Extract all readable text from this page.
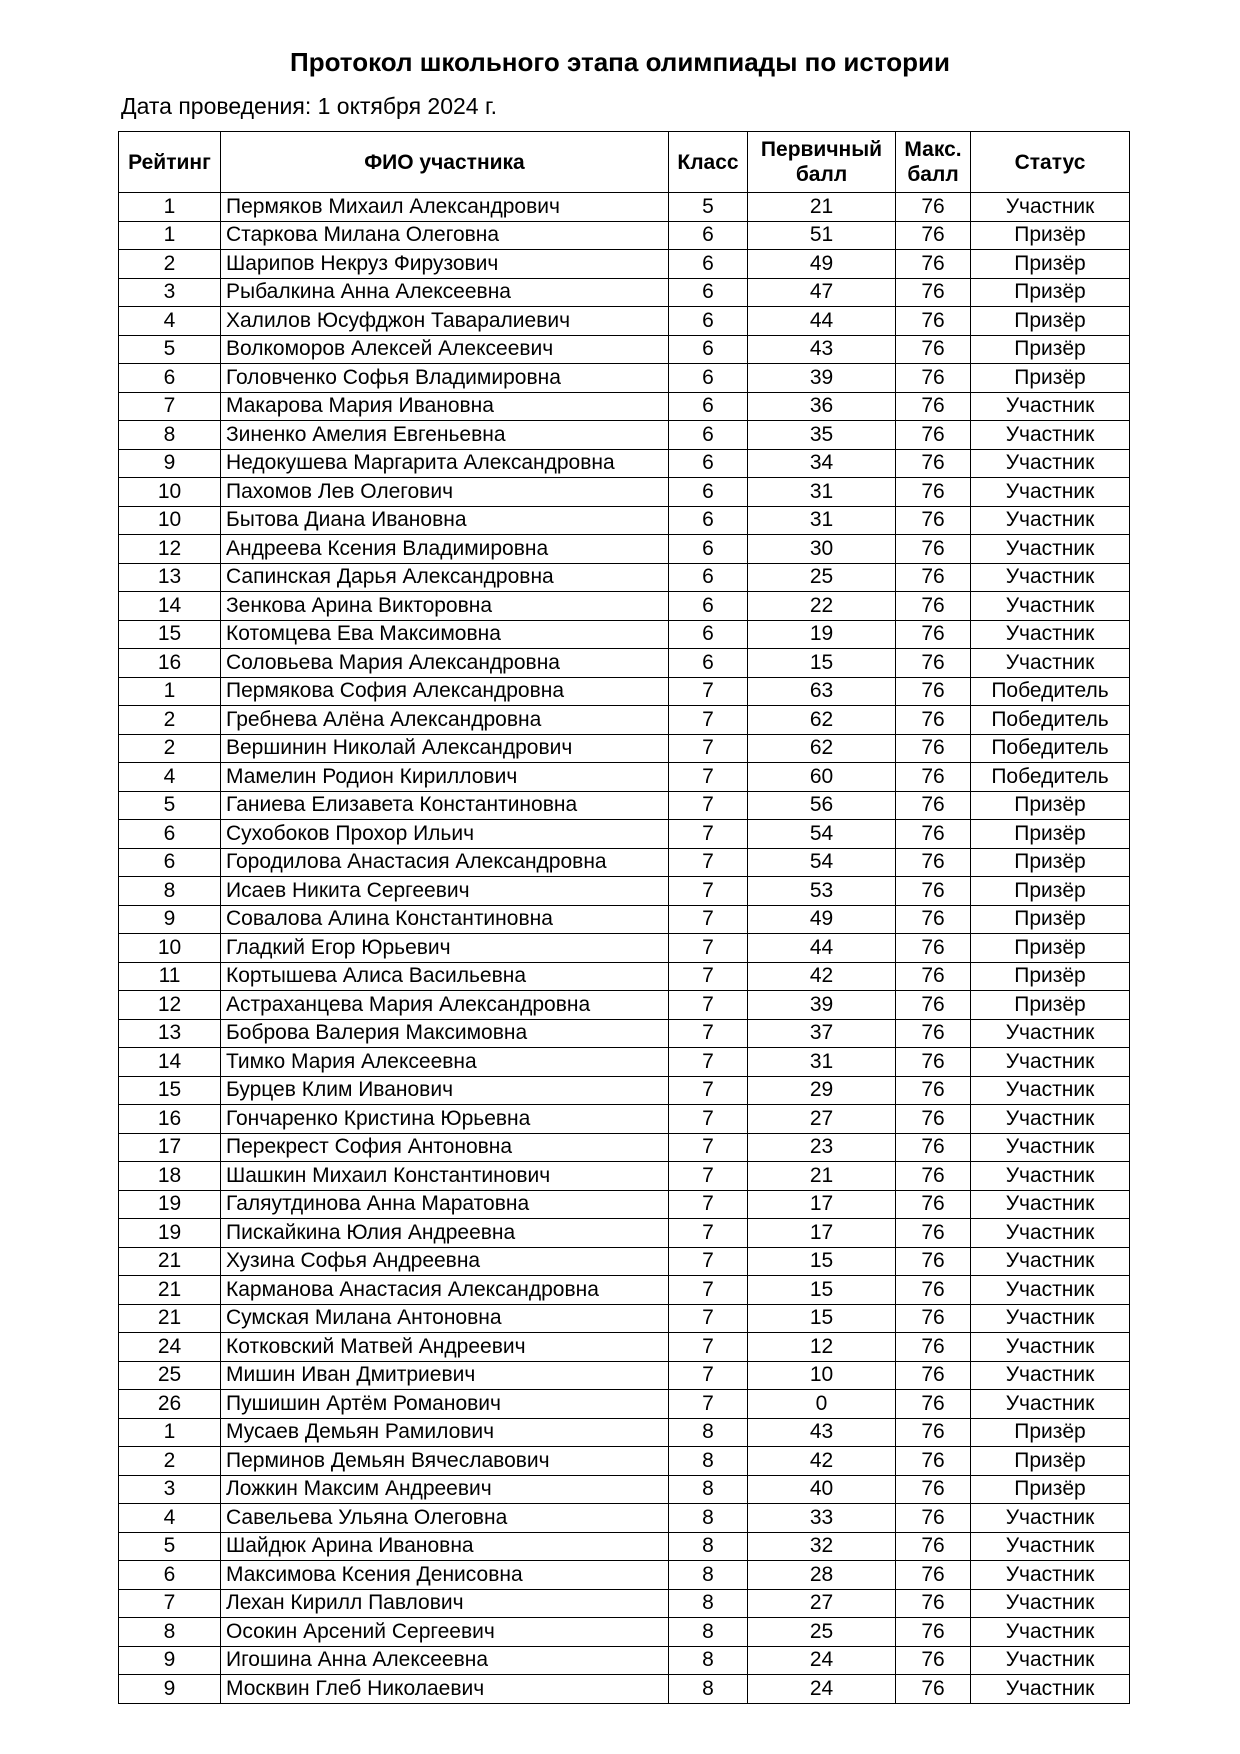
Протокол школьного этапа олимпиады по истории
Дата проведения: 1 октября 2024 г.
Рейтинг	ФИО участника	Класс	Первичный балл	Макс. балл	Статус
1	Пермяков Михаил Александрович	5	21	76	Участник
1	Старкова Милана Олеговна	6	51	76	Призёр
2	Шарипов Некруз Фирузович	6	49	76	Призёр
3	Рыбалкина Анна Алексеевна	6	47	76	Призёр
4	Халилов Юсуфджон Таваралиевич	6	44	76	Призёр
5	Волкоморов Алексей Алексеевич	6	43	76	Призёр
6	Головченко Софья Владимировна	6	39	76	Призёр
7	Макарова Мария Ивановна	6	36	76	Участник
8	Зиненко Амелия Евгеньевна	6	35	76	Участник
9	Недокушева Маргарита Александровна	6	34	76	Участник
10	Пахомов Лев Олегович	6	31	76	Участник
10	Бытова Диана Ивановна	6	31	76	Участник
12	Андреева Ксения Владимировна	6	30	76	Участник
13	Сапинская Дарья Александровна	6	25	76	Участник
14	Зенкова Арина Викторовна	6	22	76	Участник
15	Котомцева Ева Максимовна	6	19	76	Участник
16	Соловьева Мария Александровна	6	15	76	Участник
1	Пермякова София Александровна	7	63	76	Победитель
2	Гребнева Алёна Александровна	7	62	76	Победитель
2	Вершинин Николай Александрович	7	62	76	Победитель
4	Мамелин Родион Кириллович	7	60	76	Победитель
5	Ганиева Елизавета Константиновна	7	56	76	Призёр
6	Сухобоков Прохор Ильич	7	54	76	Призёр
6	Городилова Анастасия Александровна	7	54	76	Призёр
8	Исаев Никита Сергеевич	7	53	76	Призёр
9	Совалова Алина Константиновна	7	49	76	Призёр
10	Гладкий Егор Юрьевич	7	44	76	Призёр
11	Кортышева Алиса Васильевна	7	42	76	Призёр
12	Астраханцева Мария Александровна	7	39	76	Призёр
13	Боброва Валерия Максимовна	7	37	76	Участник
14	Тимко Мария Алексеевна	7	31	76	Участник
15	Бурцев Клим Иванович	7	29	76	Участник
16	Гончаренко Кристина Юрьевна	7	27	76	Участник
17	Перекрест София Антоновна	7	23	76	Участник
18	Шашкин Михаил Константинович	7	21	76	Участник
19	Галяутдинова Анна Маратовна	7	17	76	Участник
19	Пискайкина Юлия Андреевна	7	17	76	Участник
21	Хузина Софья Андреевна	7	15	76	Участник
21	Карманова Анастасия Александровна	7	15	76	Участник
21	Сумская Милана Антоновна	7	15	76	Участник
24	Котковский Матвей Андреевич	7	12	76	Участник
25	Мишин Иван Дмитриевич	7	10	76	Участник
26	Пушишин Артём Романович	7	0	76	Участник
1	Мусаев Демьян Рамилович	8	43	76	Призёр
2	Перминов Демьян Вячеславович	8	42	76	Призёр
3	Ложкин Максим Андреевич	8	40	76	Призёр
4	Савельева Ульяна Олеговна	8	33	76	Участник
5	Шайдюк Арина Ивановна	8	32	76	Участник
6	Максимова Ксения Денисовна	8	28	76	Участник
7	Лехан Кирилл Павлович	8	27	76	Участник
8	Осокин Арсений Сергеевич	8	25	76	Участник
9	Игошина Анна Алексеевна	8	24	76	Участник
9	Москвин Глеб Николаевич	8	24	76	Участник
